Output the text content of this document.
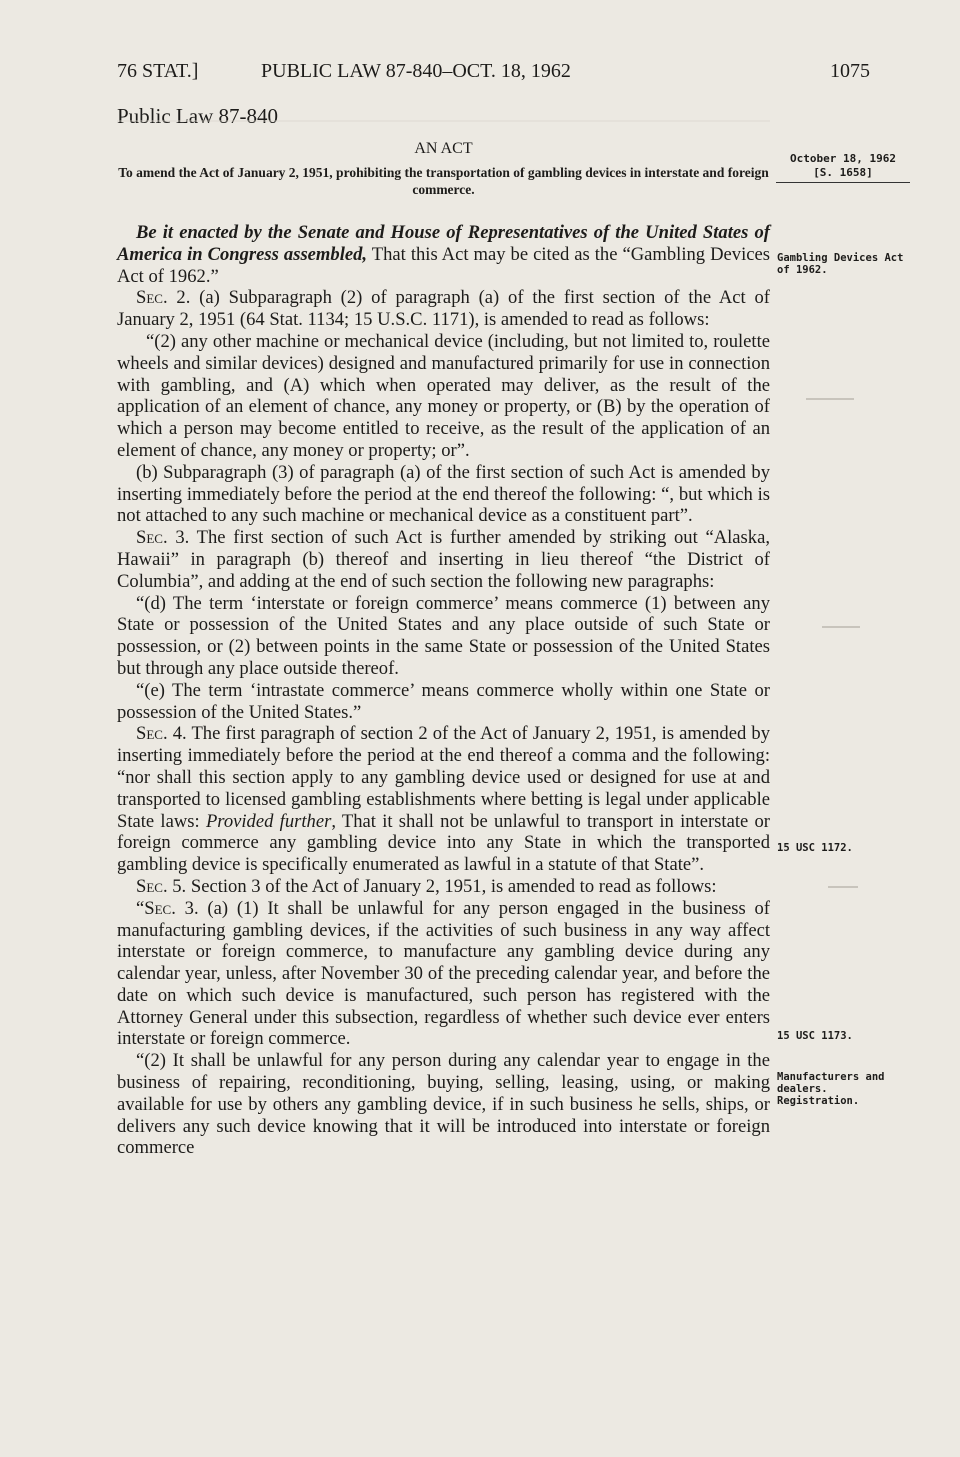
76 STAT.]	PUBLIC LAW 87-840–OCT. 18, 1962	1075
Public Law 87-840
AN ACT
To amend the Act of January 2, 1951, prohibiting the transportation of gambling devices in interstate and foreign commerce.
October 18, 1962
[S. 1658]

Be it enacted by the Senate and House of Representatives of the United States of America in Congress assembled, That this Act may be cited as the “Gambling Devices Act of 1962.”

Sec. 2. (a) Subparagraph (2) of paragraph (a) of the first section of the Act of January 2, 1951 (64 Stat. 1134; 15 U.S.C. 1171), is amended to read as follows:

“(2) any other machine or mechanical device (including, but not limited to, roulette wheels and similar devices) designed and manufactured primarily for use in connection with gambling, and (A) which when operated may deliver, as the result of the application of an element of chance, any money or property, or (B) by the operation of which a person may become entitled to receive, as the result of the application of an element of chance, any money or property; or”.

(b) Subparagraph (3) of paragraph (a) of the first section of such Act is amended by inserting immediately before the period at the end thereof the following: “, but which is not attached to any such machine or mechanical device as a constituent part”.

Sec. 3. The first section of such Act is further amended by striking out “Alaska, Hawaii” in paragraph (b) thereof and inserting in lieu thereof “the District of Columbia”, and adding at the end of such section the following new paragraphs:

“(d) The term ‘interstate or foreign commerce’ means commerce (1) between any State or possession of the United States and any place outside of such State or possession, or (2) between points in the same State or possession of the United States but through any place outside thereof.

“(e) The term ‘intrastate commerce’ means commerce wholly within one State or possession of the United States.”

Sec. 4. The first paragraph of section 2 of the Act of January 2, 1951, is amended by inserting immediately before the period at the end thereof a comma and the following: “nor shall this section apply to any gambling device used or designed for use at and transported to licensed gambling establishments where betting is legal under applicable State laws: Provided further, That it shall not be unlawful to transport in interstate or foreign commerce any gambling device into any State in which the transported gambling device is specifically enumerated as lawful in a statute of that State”.

Sec. 5. Section 3 of the Act of January 2, 1951, is amended to read as follows:

“Sec. 3. (a) (1) It shall be unlawful for any person engaged in the business of manufacturing gambling devices, if the activities of such business in any way affect interstate or foreign commerce, to manufacture any gambling device during any calendar year, unless, after November 30 of the preceding calendar year, and before the date on which such device is manufactured, such person has registered with the Attorney General under this subsection, regardless of whether such device ever enters interstate or foreign commerce.

“(2) It shall be unlawful for any person during any calendar year to engage in the business of repairing, reconditioning, buying, selling, leasing, using, or making available for use by others any gambling device, if in such business he sells, ships, or delivers any such device knowing that it will be introduced into interstate or foreign commerce

Gambling Devices Act of 1962.
15 USC 1172.
15 USC 1173.
Manufacturers and dealers. Registration.
